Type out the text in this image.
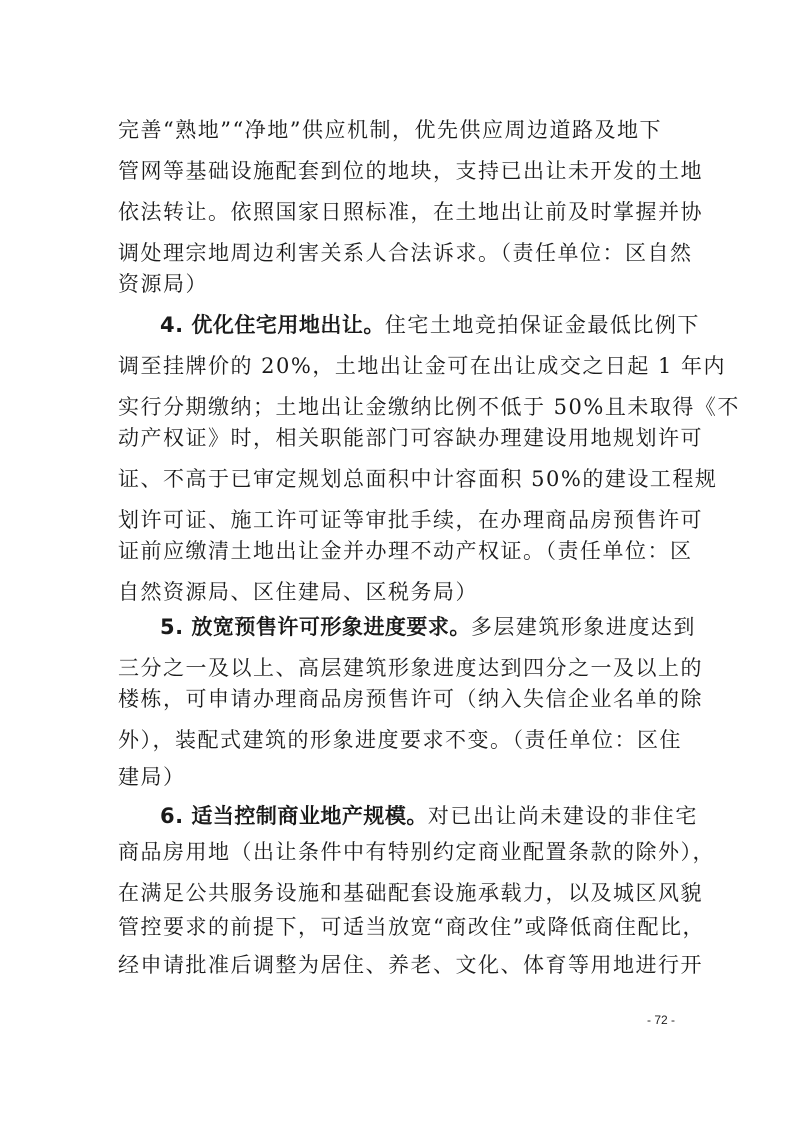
完善“熟地”“净地”供应机制，优先供应周边道路及地下
管网等基础设施配套到位的地块，支持已出让未开发的土地
依法转让。依照国家日照标准，在土地出让前及时掌握并协
调处理宗地周边利害关系人合法诉求。（责任单位：区自然
资源局）
4. 优化住宅用地出让。住宅土地竞拍保证金最低比例下
调至挂牌价的 20%，土地出让金可在出让成交之日起 1 年内
实行分期缴纳；土地出让金缴纳比例不低于 50%且未取得《不
动产权证》时，相关职能部门可容缺办理建设用地规划许可
证、不高于已审定规划总面积中计容面积 50%的建设工程规
划许可证、施工许可证等审批手续，在办理商品房预售许可
证前应缴清土地出让金并办理不动产权证。（责任单位：区
自然资源局、区住建局、区税务局）
5. 放宽预售许可形象进度要求。多层建筑形象进度达到
三分之一及以上、高层建筑形象进度达到四分之一及以上的
楼栋，可申请办理商品房预售许可（纳入失信企业名单的除
外），装配式建筑的形象进度要求不变。（责任单位：区住
建局）
6. 适当控制商业地产规模。对已出让尚未建设的非住宅
商品房用地（出让条件中有特别约定商业配置条款的除外），
在满足公共服务设施和基础配套设施承载力，以及城区风貌
管控要求的前提下，可适当放宽“商改住”或降低商住配比，
经申请批准后调整为居住、养老、文化、体育等用地进行开
- 72 -
